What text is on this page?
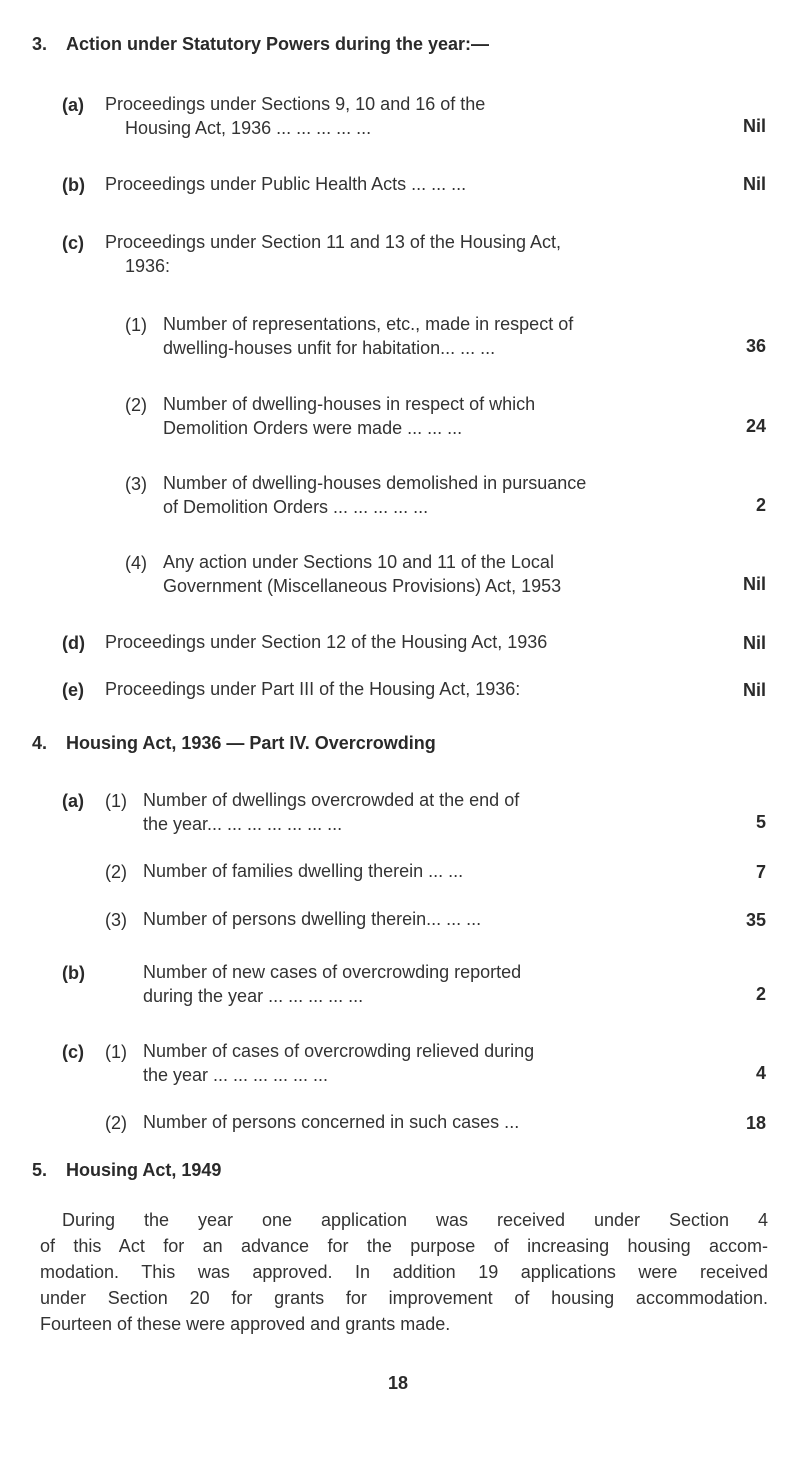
3. Action under Statutory Powers during the year:—
(a) Proceedings under Sections 9, 10 and 16 of the
Housing Act, 1936 ... ... ... ... ...	Nil
(b) Proceedings under Public Health Acts ... ... ...	Nil
(c) Proceedings under Section 11 and 13 of the Housing Act,
1936:
(1) Number of representations, etc., made in respect of
dwelling-houses unfit for habitation... ... ...	36
(2) Number of dwelling-houses in respect of which
Demolition Orders were made ... ... ...	24
(3) Number of dwelling-houses demolished in pursuance
of Demolition Orders ... ... ... ... ...	2
(4) Any action under Sections 10 and 11 of the Local
Government (Miscellaneous Provisions) Act, 1953	Nil
(d) Proceedings under Section 12 of the Housing Act, 1936	Nil
(e) Proceedings under Part III of the Housing Act, 1936:	Nil
4. Housing Act, 1936 — Part IV. Overcrowding
(a) (1) Number of dwellings overcrowded at the end of
the year... ... ... ... ... ... ...	5
(2) Number of families dwelling therein ... ...	7
(3) Number of persons dwelling therein... ... ...	35
(b)	Number of new cases of overcrowding reported
during the year ... ... ... ... ...	2
(c) (1) Number of cases of overcrowding relieved during
the year ... ... ... ... ... ...	4
(2) Number of persons concerned in such cases ...	18
5. Housing Act, 1949
During the year one application was received under Section 4
of this Act for an advance for the purpose of increasing housing accom-
modation. This was approved. In addition 19 applications were received
under Section 20 for grants for improvement of housing accommodation.
Fourteen of these were approved and grants made.
18
